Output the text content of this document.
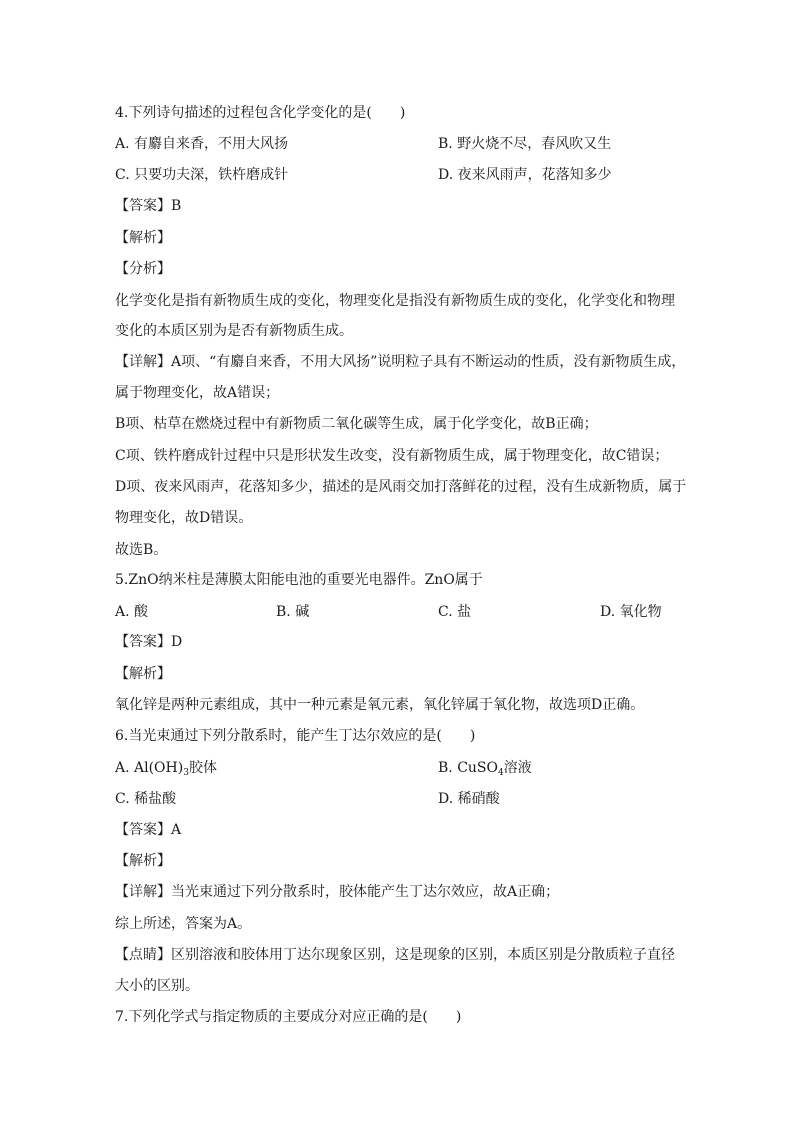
4.下列诗句描述的过程包含化学变化的是(　　)
A. 有麝自来香，不用大风扬	B. 野火烧不尽，春风吹又生
C. 只要功夫深，铁杵磨成针	D. 夜来风雨声，花落知多少
【答案】B
【解析】
【分析】
化学变化是指有新物质生成的变化，物理变化是指没有新物质生成的变化，化学变化和物理
变化的本质区别为是否有新物质生成。
【详解】A项、“有麝自来香，不用大风扬”说明粒子具有不断运动的性质，没有新物质生成，
属于物理变化，故A错误；
B项、枯草在燃烧过程中有新物质二氧化碳等生成，属于化学变化，故B正确；
C项、铁杵磨成针过程中只是形状发生改变，没有新物质生成，属于物理变化，故C错误；
D项、夜来风雨声，花落知多少，描述的是风雨交加打落鲜花的过程，没有生成新物质，属于
物理变化，故D错误。
故选B。
5.ZnO纳米柱是薄膜太阳能电池的重要光电器件。ZnO属于
A. 酸	B. 碱	C. 盐	D. 氧化物
【答案】D
【解析】
氧化锌是两种元素组成，其中一种元素是氧元素，氧化锌属于氧化物，故选项D正确。
6.当光束通过下列分散系时，能产生丁达尔效应的是(　　)
A. $Al(OH)_3$胶体	B. CuSO$_4$溶液
C. 稀盐酸	D. 稀硝酸
【答案】A
【解析】
【详解】当光束通过下列分散系时，胶体能产生丁达尔效应，故A正确；
综上所述，答案为A。
【点睛】区别溶液和胶体用丁达尔现象区别，这是现象的区别，本质区别是分散质粒子直径
大小的区别。
7.下列化学式与指定物质的主要成分对应正确的是(　　)
